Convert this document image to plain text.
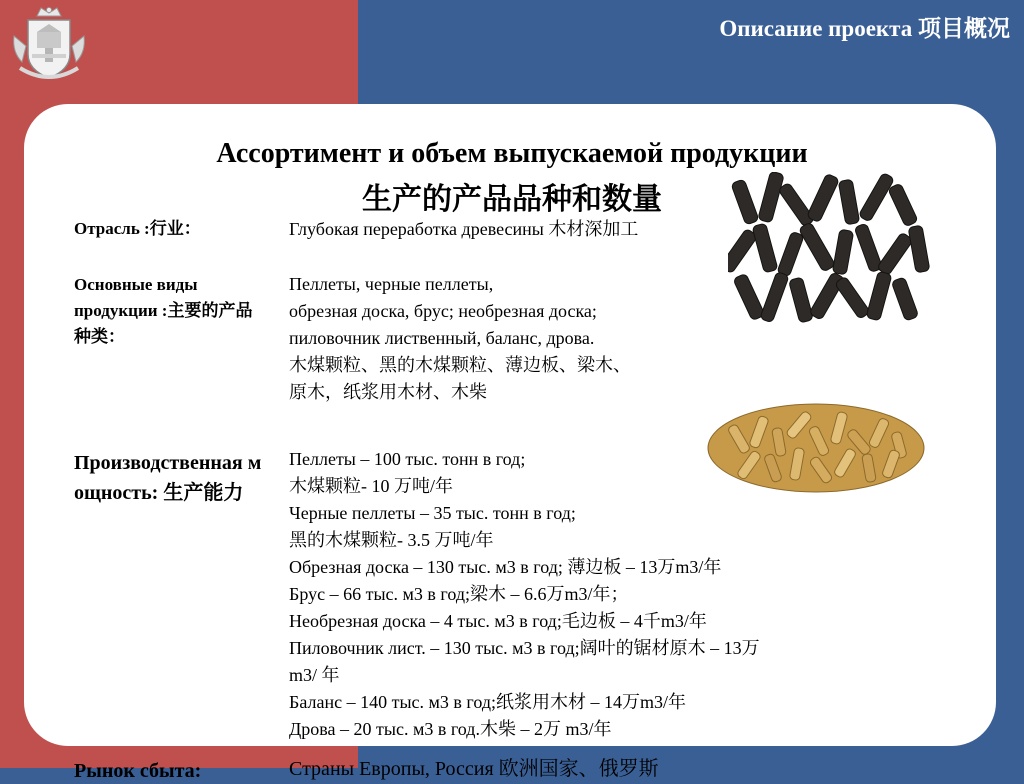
Описание проекта 项目概况
Ассортимент и объем выпускаемой продукции
生产的产品品种和数量
Отрасль :行业：	Глубокая переработка древесины 木材深加工
Основные виды продукции :主要的产品种类：
Пеллеты, черные пеллеты,
обрезная доска, брус; необрезная доска;
пиловочник лиственный, баланс, дрова.
木煤颗粒、黑的木煤颗粒、薄边板、梁木、
原木，纸浆用木材、木柴
Производственная мощность: 生产能力
Пеллеты – 100 тыс. тонн в год;
木煤颗粒- 10 万吨/年
Черные пеллеты – 35 тыс. тонн в год;
黑的木煤颗粒- 3.5 万吨/年
Обрезная доска – 130 тыс. м3 в год; 薄边板 – 13万m3/年
Брус – 66 тыс. м3 в год;梁木 – 6.6万m3/年；
Необрезная доска – 4 тыс. м3 в год;毛边板 – 4千m3/年
Пиловочник лист. – 130 тыс. м3 в год;阔叶的锯材原木 – 13万
m3/ 年
Баланс – 140 тыс. м3 в год;纸浆用木材 – 14万m3/年
Дрова – 20 тыс. м3 в год.木柴 – 2万 m3/年
Рынок сбыта:	Страны Европы, Россия 欧洲国家、俄罗斯
